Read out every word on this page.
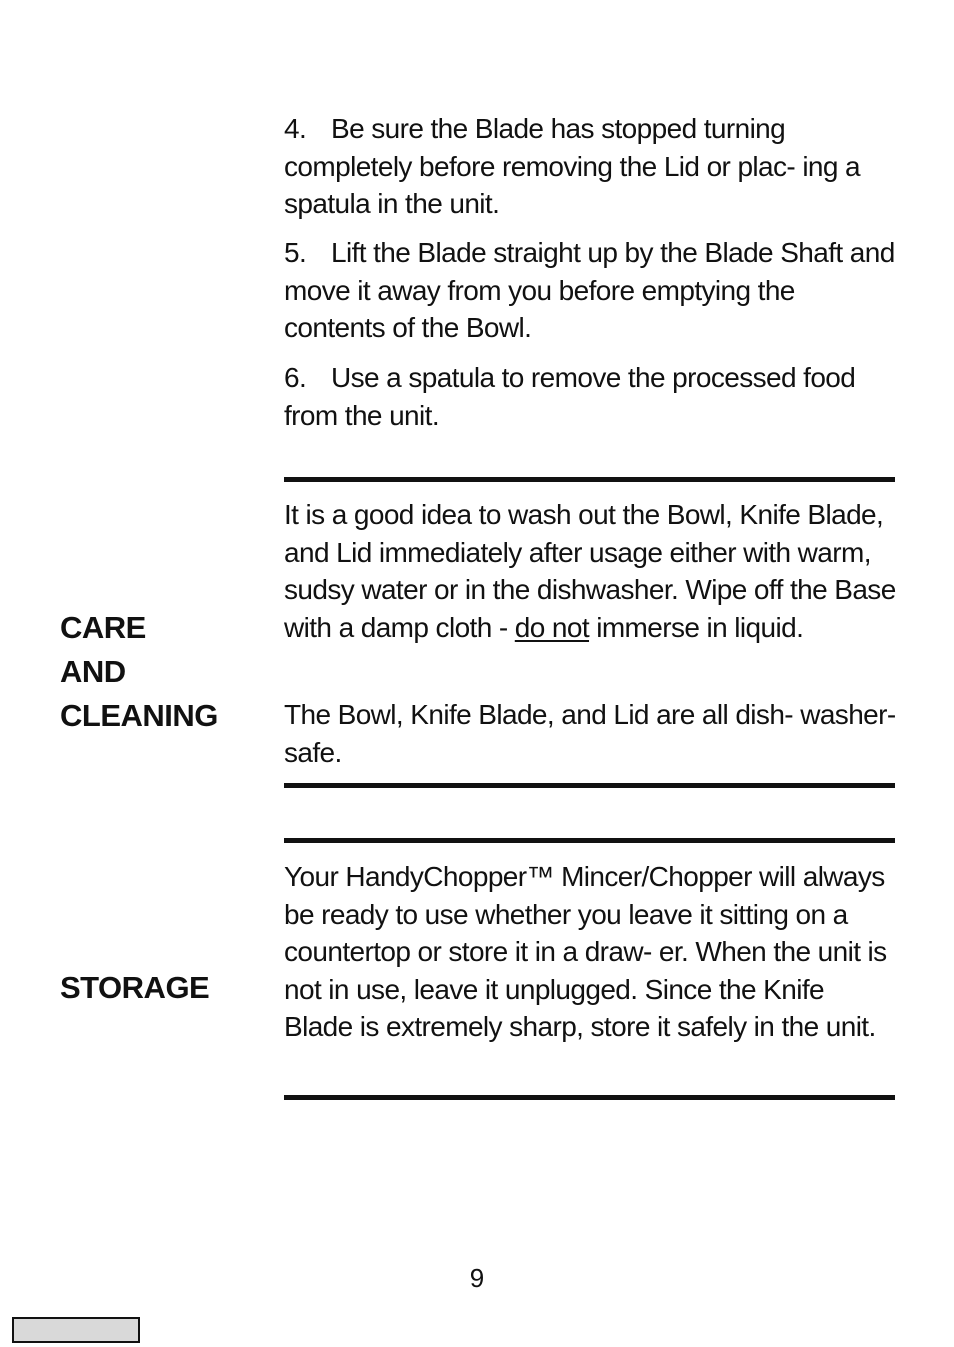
4. Be sure the Blade has stopped turning completely before removing the Lid or plac- ing a spatula in the unit.

5. Lift the Blade straight up by the Blade Shaft and move it away from you before emptying the contents of the Bowl.

6. Use a spatula to remove the processed food from the unit.

CARE
AND
CLEANING

It is a good idea to wash out the Bowl, Knife Blade, and Lid immediately after usage either with warm, sudsy water or in the dishwasher. Wipe off the Base with a damp cloth - do not immerse in liquid.

The Bowl, Knife Blade, and Lid are all dish- washer-safe.

STORAGE

Your HandyChopper™ Mincer/Chopper will always be ready to use whether you leave it sitting on a countertop or store it in a draw- er. When the unit is not in use, leave it unplugged. Since the Knife Blade is extremely sharp, store it safely in the unit.

9
